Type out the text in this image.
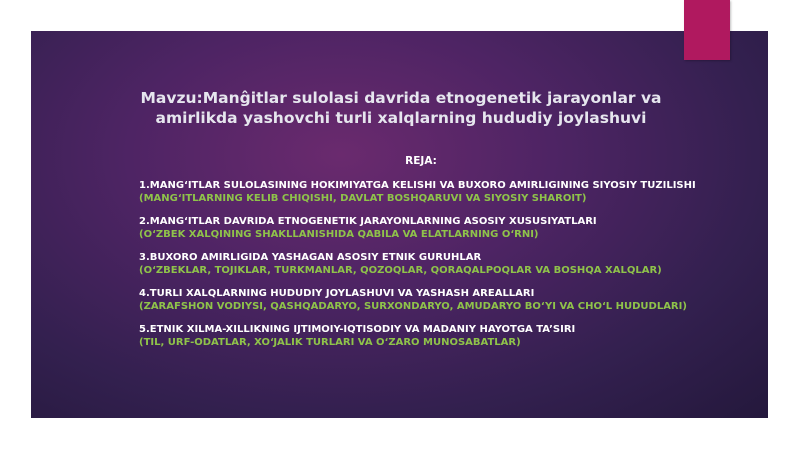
Mavzu:Manĝitlar sulolasi davrida etnogenetik jarayonlar va amirlikda yashovchi turli xalqlarning hududiy joylashuvi
REJA:
1.MANG‘ITLAR SULOLASINING HOKIMIYATGA KELISHI VA BUXORO AMIRLIGINING SIYOSIY TUZILISHI
(MANG‘ITLARNING KELIB CHIQISHI, DAVLAT BOSHQARUVI VA SIYOSIY SHAROIT)
2.MANG‘ITLAR DAVRIDA ETNOGENETIK JARAYONLARNING ASOSIY XUSUSIYATLARI
(O‘ZBEK XALQINING SHAKLLANISHIDA QABILA VA ELATLARNING O‘RNI)
3.BUXORO AMIRLIGIDA YASHAGAN ASOSIY ETNIK GURUHLAR
(O‘ZBEKLAR, TOJIKLAR, TURKMANLAR, QOZOQLAR, QORAQALPOQLAR VA BOSHQA XALQLAR)
4.TURLI XALQLARNING HUDUDIY JOYLASHUVI VA YASHASH AREALLARI
(ZARAFSHON VODIYSI, QASHQADARYO, SURXONDARYO, AMUDARYO BO‘YI VA CHO‘L HUDUDLARI)
5.ETNIK XILMA-XILLIKNING IJTIMOIY-IQTISODIY VA MADANIY HAYOTGA TA’SIRI
(TIL, URF-ODATLAR, XO‘JALIK TURLARI VA O‘ZARO MUNOSABATLAR)
